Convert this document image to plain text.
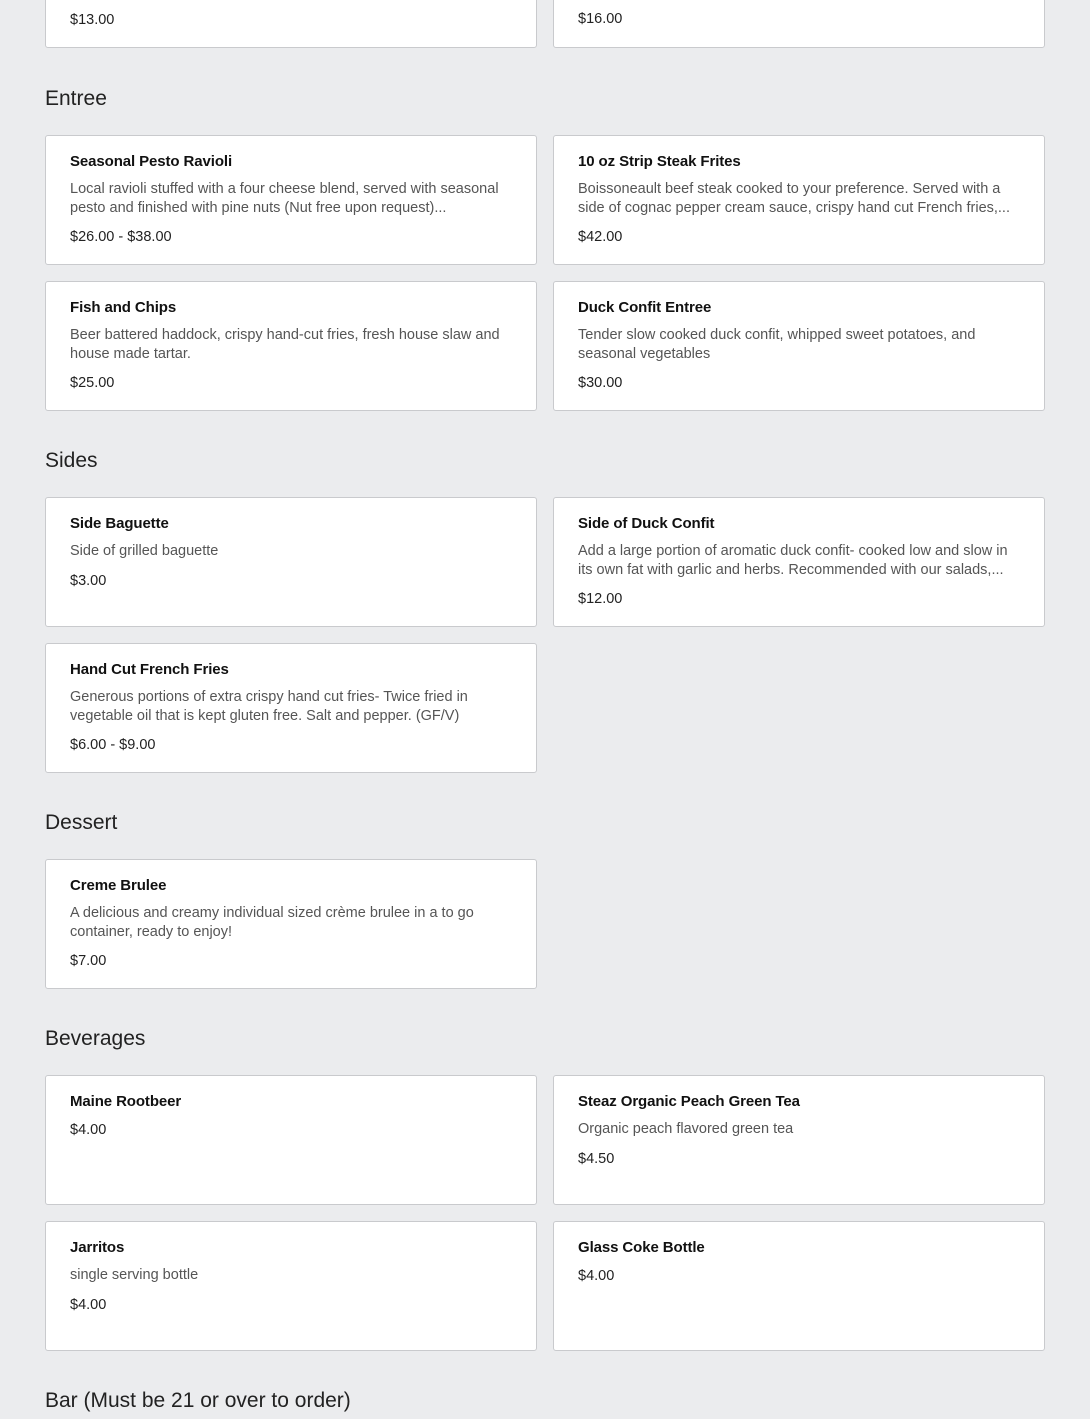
$13.00	$16.00
Entree
Seasonal Pesto Ravioli
Local ravioli stuffed with a four cheese blend, served with seasonal pesto and finished with pine nuts (Nut free upon request)...
$26.00 - $38.00
10 oz Strip Steak Frites
Boissoneault beef steak cooked to your preference. Served with a side of cognac pepper cream sauce, crispy hand cut French fries,...
$42.00
Fish and Chips
Beer battered haddock, crispy hand-cut fries, fresh house slaw and house made tartar.
$25.00
Duck Confit Entree
Tender slow cooked duck confit, whipped sweet potatoes, and seasonal vegetables
$30.00
Sides
Side Baguette
Side of grilled baguette
$3.00
Side of Duck Confit
Add a large portion of aromatic duck confit- cooked low and slow in its own fat with garlic and herbs. Recommended with our salads,...
$12.00
Hand Cut French Fries
Generous portions of extra crispy hand cut fries- Twice fried in vegetable oil that is kept gluten free. Salt and pepper. (GF/V)
$6.00 - $9.00
Dessert
Creme Brulee
A delicious and creamy individual sized crème brulee in a to go container, ready to enjoy!
$7.00
Beverages
Maine Rootbeer
$4.00
Steaz Organic Peach Green Tea
Organic peach flavored green tea
$4.50
Jarritos
single serving bottle
$4.00
Glass Coke Bottle
$4.00
Bar (Must be 21 or over to order)
